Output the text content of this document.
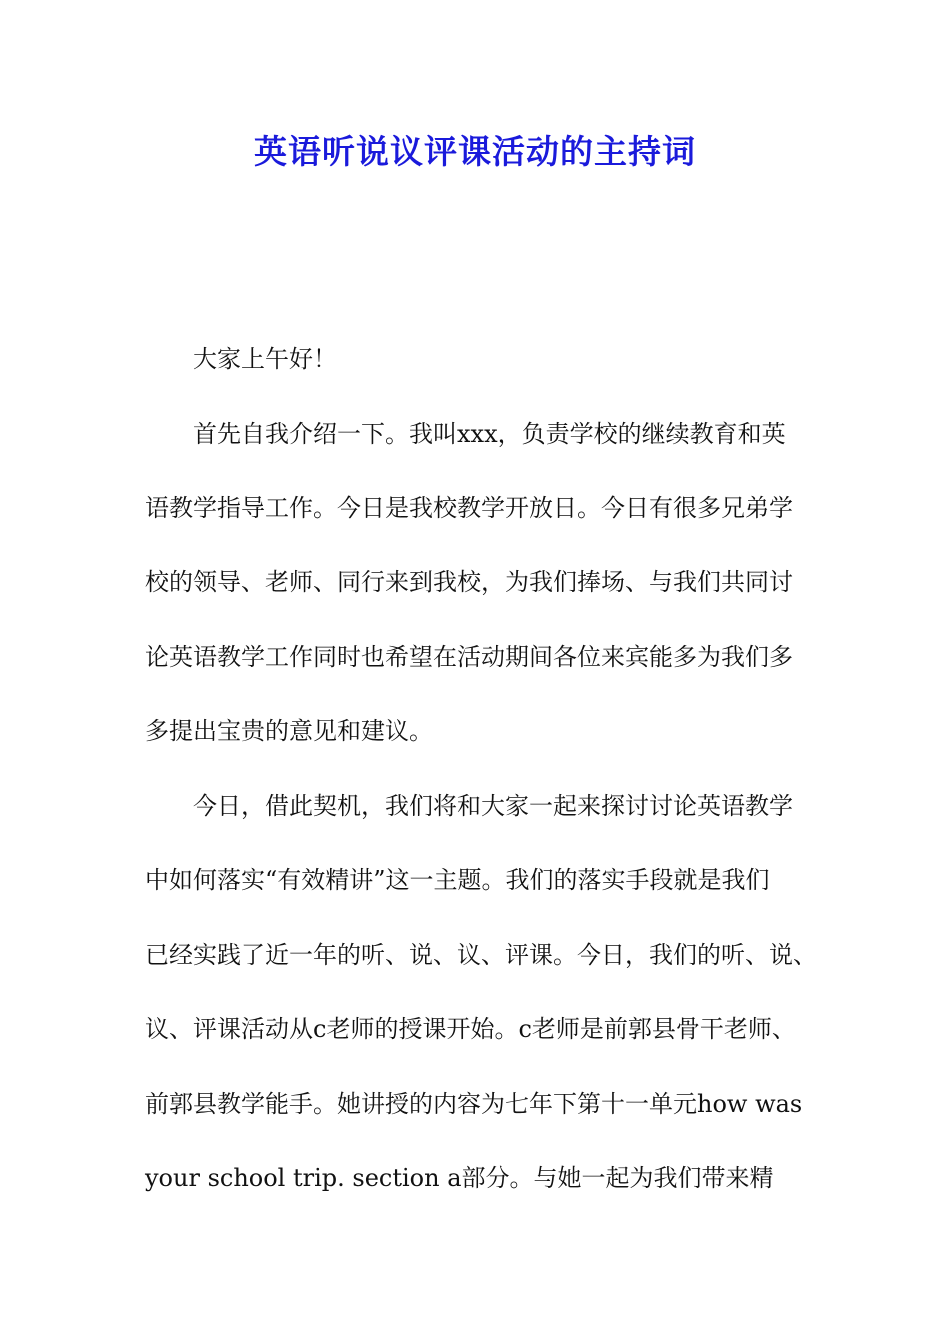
英语听说议评课活动的主持词
大家上午好！
首先自我介绍一下。我叫xxx，负责学校的继续教育和英
语教学指导工作。今日是我校教学开放日。今日有很多兄弟学
校的领导、老师、同行来到我校，为我们捧场、与我们共同讨
论英语教学工作同时也希望在活动期间各位来宾能多为我们多
多提出宝贵的意见和建议。
今日，借此契机，我们将和大家一起来探讨讨论英语教学
中如何落实“有效精讲”这一主题。我们的落实手段就是我们
已经实践了近一年的听、说、议、评课。今日，我们的听、说、
议、评课活动从c老师的授课开始。c老师是前郭县骨干老师、
前郭县教学能手。她讲授的内容为七年下第十一单元how was
your school trip. section a部分。与她一起为我们带来精
